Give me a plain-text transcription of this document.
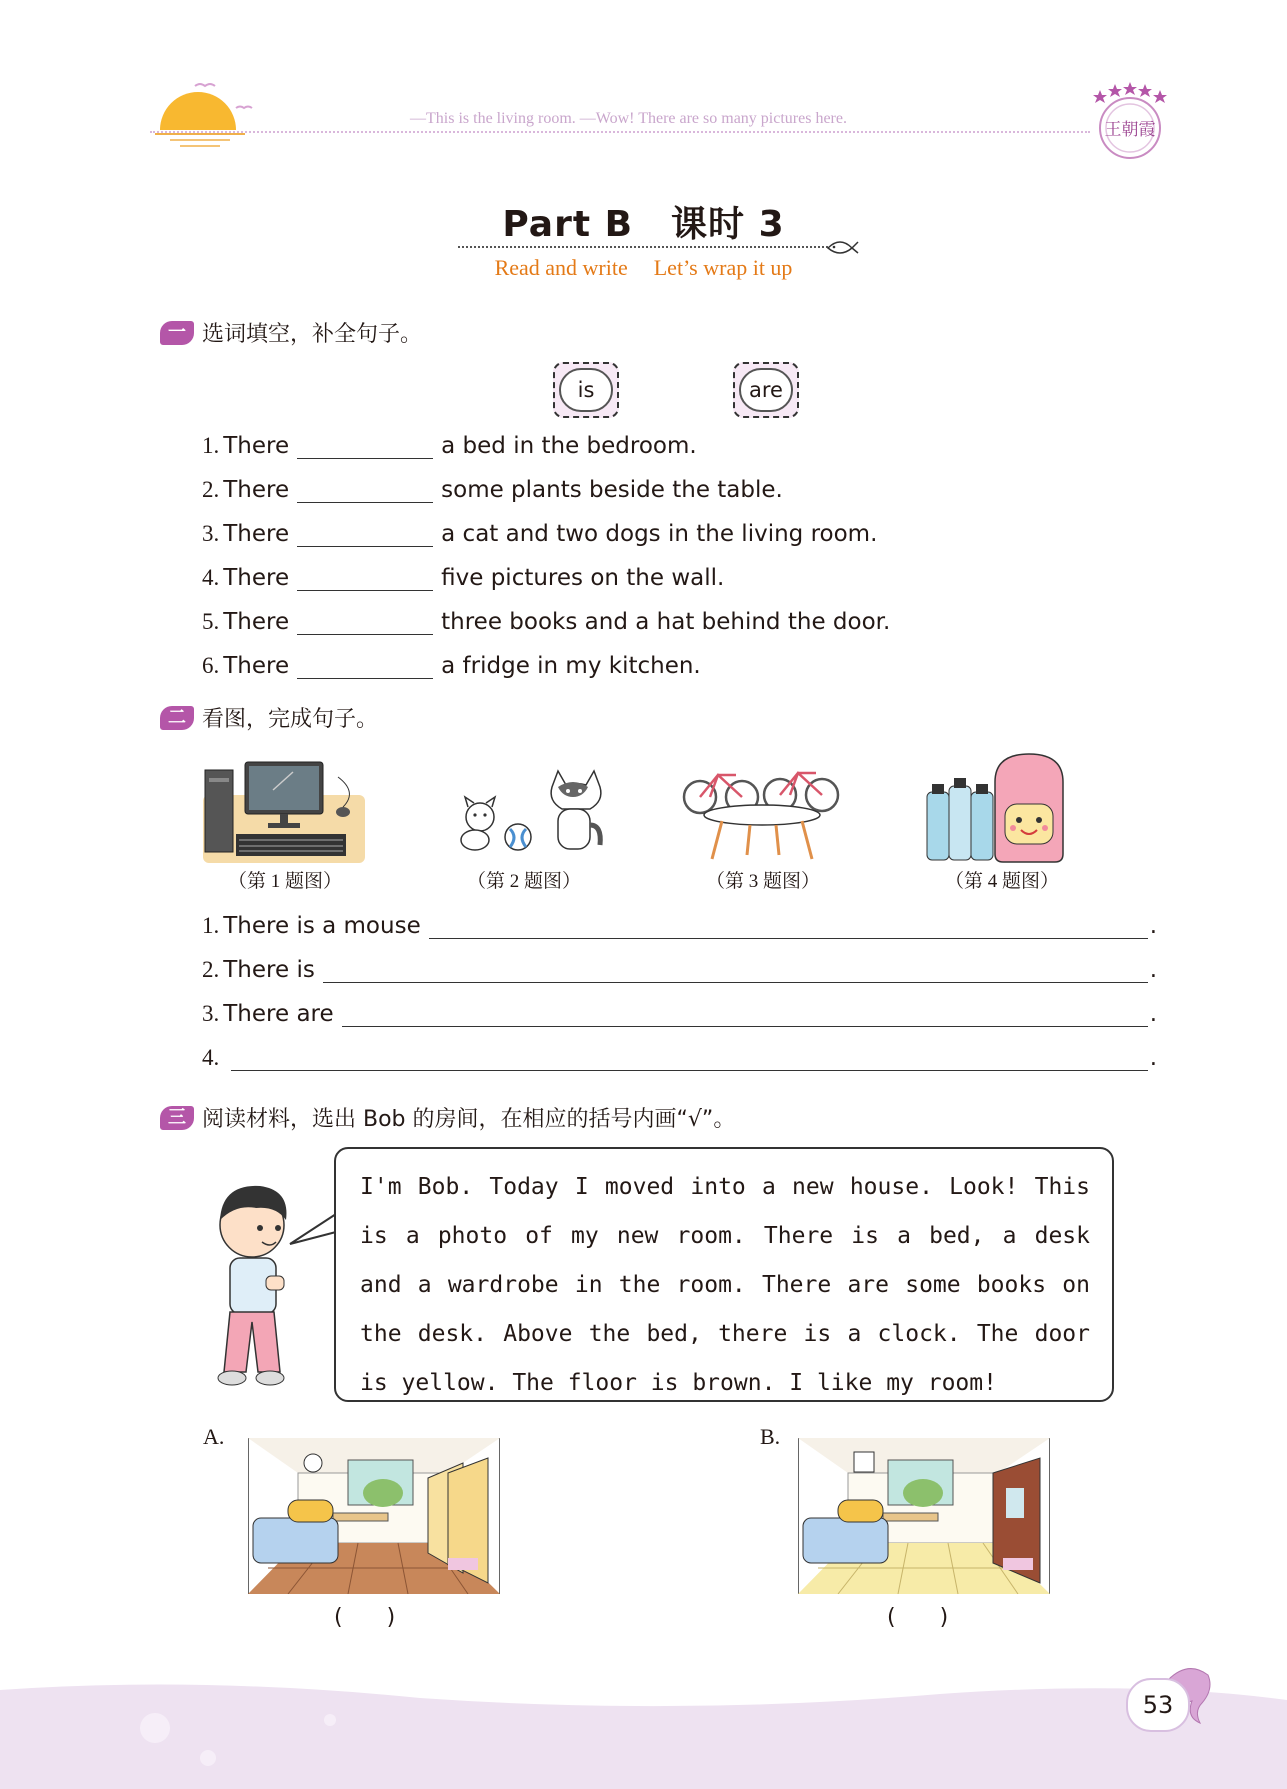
—This is the living room. —Wow! There are so many pictures here.
王朝霞
Part B 课时 3
Read and write Let’s wrap it up
一 选词填空，补全句子。
is	are
1. There	a bed in the bedroom.
2. There	some plants beside the table.
3. There	a cat and two dogs in the living room.
4. There	five pictures on the wall.
5. There	three books and a hat behind the door.
6. There	a fridge in my kitchen.
二 看图，完成句子。
（第 1 题图）	（第 2 题图）	（第 3 题图）	（第 4 题图）
1. There is a mouse	.
2. There is	.
3. There are	.
4.	.
三 阅读材料，选出 Bob 的房间，在相应的括号内画“√”。
I'm Bob. Today I moved into a new house. Look! This is a photo of my new room. There is a bed, a desk and a wardrobe in the room. There are some books on the desk. Above the bed, there is a clock. The door is yellow. The floor is brown. I like my room!
A.
(　　)
B.
(　　)
53
